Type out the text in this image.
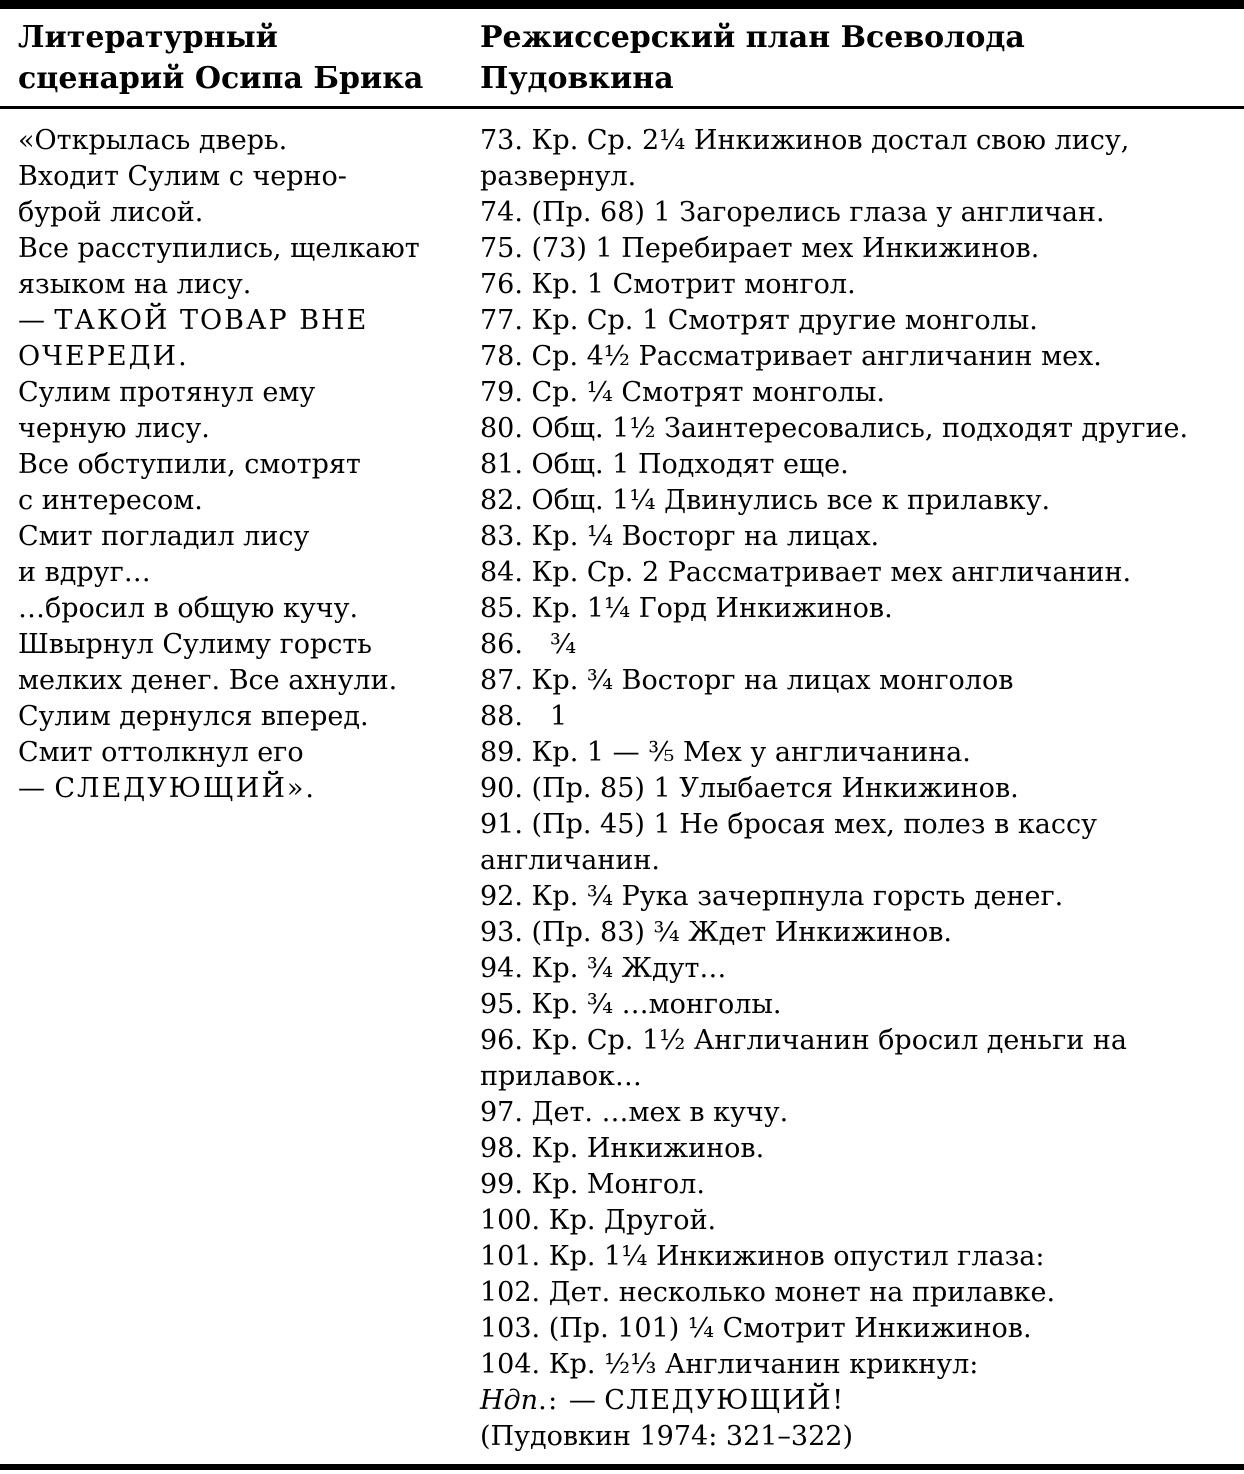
Литературный
сценарий Осипа Брика
Режиссерский план Всеволода
Пудовкина
«Открылась дверь.
Входит Сулим с черно-
бурой лисой.
Все расступились, щелкают
языком на лису.
— ТАКОЙ ТОВАР ВНЕ
ОЧЕРЕДИ.
Сулим протянул ему
черную лису.
Все обступили, смотрят
с интересом.
Смит погладил лису
и вдруг…
…бросил в общую кучу.
Швырнул Сулиму горсть
мелких денег. Все ахнули.
Сулим дернулся вперед.
Смит оттолкнул его
— СЛЕДУЮЩИЙ».

73. Кр. Ср. 2¼ Инкижинов достал свою лису, развернул.

74. (Пр. 68) 1 Загорелись глаза у англичан.

75. (73) 1 Перебирает мех Инкижинов.

76. Кр. 1 Смотрит монгол.

77. Кр. Ср. 1 Смотрят другие монголы.

78. Ср. 4½ Рассматривает англичанин мех.

79. Ср. ¼ Смотрят монголы.

80. Общ. 1½ Заинтересовались, подходят другие.

81. Общ. 1 Подходят еще.

82. Общ. 1¼ Двинулись все к прилавку.

83. Кр. ¼ Восторг на лицах.

84. Кр. Ср. 2 Рассматривает мех англичанин.

85. Кр. 1¼ Горд Инкижинов.

86. ¾

87. Кр. ¾ Восторг на лицах монголов

88. 1

89. Кр. 1 — ⅗ Мех у англичанина.

90. (Пр. 85) 1 Улыбается Инкижинов.

91. (Пр. 45) 1 Не бросая мех, полез в кассу англичанин.

92. Кр. ¾ Рука зачерпнула горсть денег.

93. (Пр. 83) ¾ Ждет Инкижинов.

94. Кр. ¾ Ждут…

95. Кр. ¾ …монголы.

96. Кр. Ср. 1½ Англичанин бросил деньги на прилавок…

97. Дет. …мех в кучу.

98. Кр. Инкижинов.

99. Кр. Монгол.

100. Кр. Другой.

101. Кр. 1¼ Инкижинов опустил глаза:

102. Дет. несколько монет на прилавке.

103. (Пр. 101) ¼ Смотрит Инкижинов.

104. Кр. ½⅓ Англичанин крикнул:

Ндп.: — СЛЕДУЮЩИЙ!

(Пудовкин 1974: 321–322)
